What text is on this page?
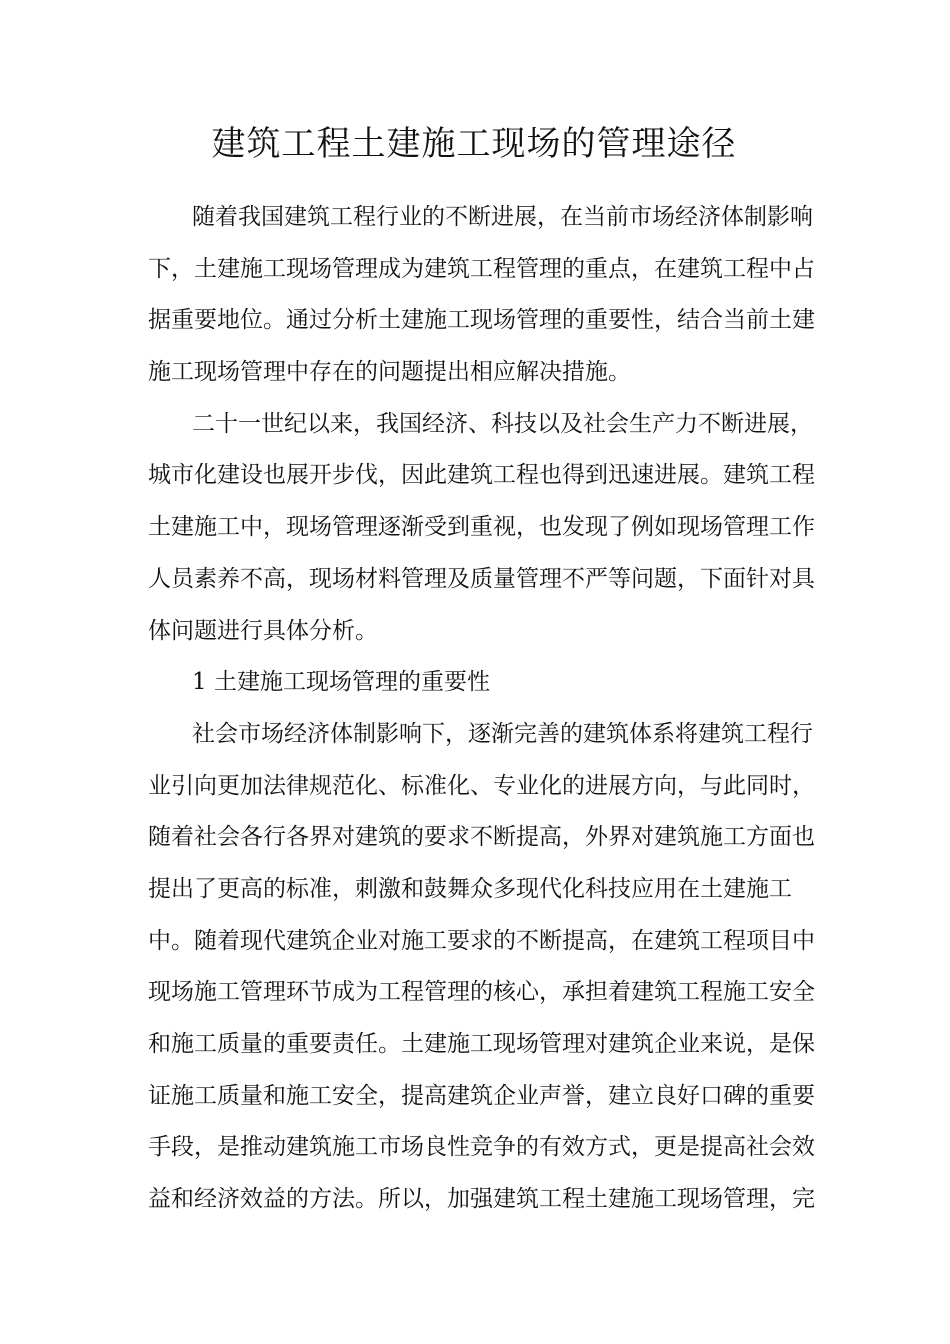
建筑工程土建施工现场的管理途径
随着我国建筑工程行业的不断进展，在当前市场经济体制影响
下，土建施工现场管理成为建筑工程管理的重点，在建筑工程中占
据重要地位。通过分析土建施工现场管理的重要性，结合当前土建
施工现场管理中存在的问题提出相应解决措施。
二十一世纪以来，我国经济、科技以及社会生产力不断进展，
城市化建设也展开步伐，因此建筑工程也得到迅速进展。建筑工程
土建施工中，现场管理逐渐受到重视，也发现了例如现场管理工作
人员素养不高，现场材料管理及质量管理不严等问题，下面针对具
体问题进行具体分析。
1 土建施工现场管理的重要性
社会市场经济体制影响下，逐渐完善的建筑体系将建筑工程行
业引向更加法律规范化、标准化、专业化的进展方向，与此同时，
随着社会各行各界对建筑的要求不断提高，外界对建筑施工方面也
提出了更高的标准，刺激和鼓舞众多现代化科技应用在土建施工
中。随着现代建筑企业对施工要求的不断提高，在建筑工程项目中
现场施工管理环节成为工程管理的核心，承担着建筑工程施工安全
和施工质量的重要责任。土建施工现场管理对建筑企业来说，是保
证施工质量和施工安全，提高建筑企业声誉，建立良好口碑的重要
手段，是推动建筑施工市场良性竞争的有效方式，更是提高社会效
益和经济效益的方法。所以，加强建筑工程土建施工现场管理，完
